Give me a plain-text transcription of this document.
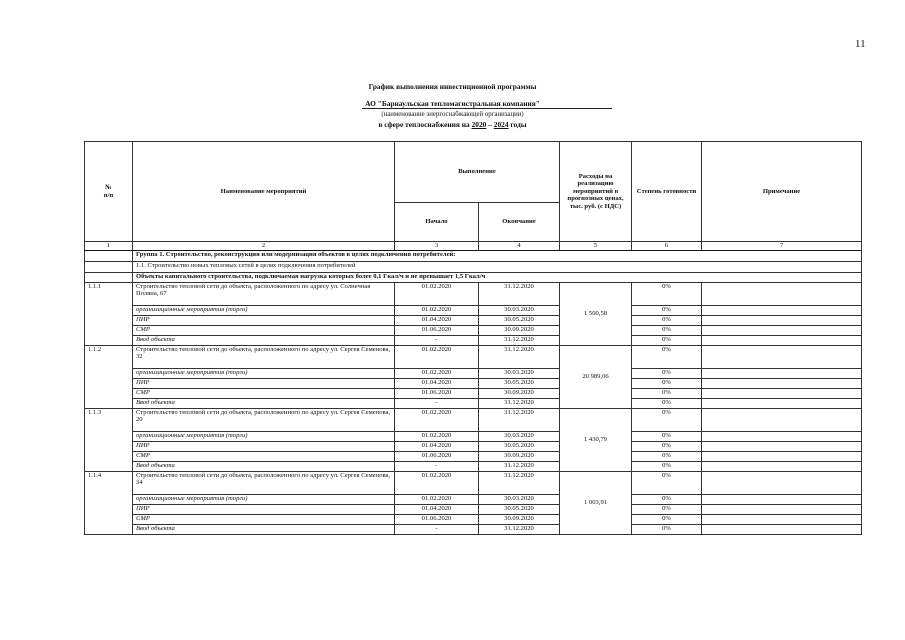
11
График выполнения инвестиционной программы
АО "Барнаульская тепломагистральная компания"
(наименование энергоснабжающей организации)
в сфере теплоснабжения на 2020 – 2024 годы
№
п/п	Наименование мероприятий	Выполнение		Расходы на реализацию мероприятий в прогнозных ценах, тыс. руб. (с НДС)	Степень готовности	Примечание
		Начало	Окончание			
1	2	3	4	5	6	7
	Группа 1. Строительство, реконструкция или модернизация объектов в целях подключения потребителей:					
	1.1. Строительство новых тепловых сетей в целях подключения потребителей					
	Объекты капитального строительства, подключаемая нагрузка которых более 0,1 Гкал/ч и не превышает 1,5 Гкал/ч					
1.1.1	Строительство тепловой сети до объекта, расположенного по адресу ул. Солнечная Поляна, 67	01.02.2020	31.12.2020	1 500,58	0%	
	организационные мероприятия (торги)	01.02.2020	30.03.2020		0%	
	ПИР	01.04.2020	30.05.2020		0%	
	СМР	01.06.2020	30.09.2020		0%	
	Ввод объекта	-	31.12.2020		0%	
1.1.2	Строительство тепловой сети до объекта, расположенного по адресу ул. Сергея Семенова, 32	01.02.2020	31.12.2020	20 989,06	0%	
	организационные мероприятия (торги)	01.02.2020	30.03.2020		0%	
	ПИР	01.04.2020	30.05.2020		0%	
	СМР	01.06.2020	30.09.2020		0%	
	Ввод объекта	-	31.12.2020		0%	
1.1.3	Строительство тепловой сети до объекта, расположенного по адресу ул. Сергея Семенова, 20	01.02.2020	31.12.2020	1 430,79	0%	
	организационные мероприятия (торги)	01.02.2020	30.03.2020		0%	
	ПИР	01.04.2020	30.05.2020		0%	
	СМР	01.06.2020	30.09.2020		0%	
	Ввод объекта	-	31.12.2020		0%	
1.1.4	Строительство тепловой сети до объекта, расположенного по адресу ул. Сергея Семенова, 34	01.02.2020	31.12.2020	1 003,91	0%	
	организационные мероприятия (торги)	01.02.2020	30.03.2020		0%	
	ПИР	01.04.2020	30.05.2020		0%	
	СМР	01.06.2020	30.09.2020		0%	
	Ввод объекта	-	31.12.2020		0%	
